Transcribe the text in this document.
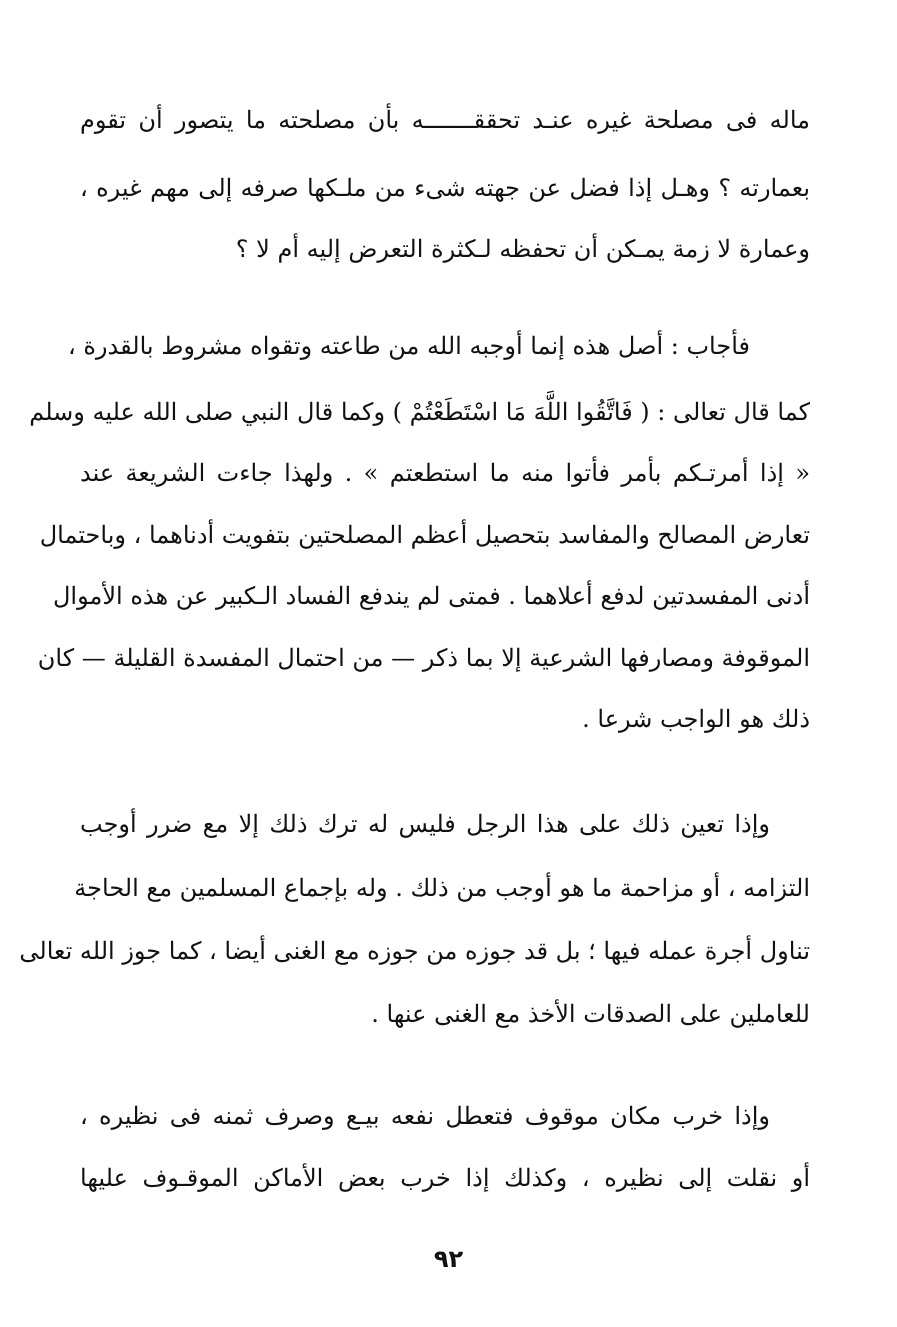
ماله فى مصلحة غيره عنـد تحققـــــــه بأن مصلحته ما يتصور أن تقوم
بعمارته ؟ وهـل إذا فضل عن جهته شىء من ملـكها صرفه إلى مهم غيره ،
وعمارة لا زمة يمـكن أن تحفظه لـكثرة التعرض إليه أم لا ؟
فأجاب : أصل هذه إنما أوجبه الله من طاعته وتقواه مشروط بالقدرة ،
كما قال تعالى : ( فَاتَّقُوا اللَّهَ مَا اسْتَطَعْتُمْ ) وكما قال النبي صلى الله عليه وسلم
« إذا أمرتـكم بأمر فأتوا منه ما استطعتم » . ولهذا جاءت الشريعة عند
تعارض المصالح والمفاسد بتحصيل أعظم المصلحتين بتفويت أدناهما ، وباحتمال
أدنى المفسدتين لدفع أعلاهما . فمتى لم يندفع الفساد الـكبير عن هذه الأموال
الموقوفة ومصارفها الشرعية إلا بما ذكر — من احتمال المفسدة القليلة — كان
ذلك هو الواجب شرعا .
وإذا تعين ذلك على هذا الرجل فليس له ترك ذلك إلا مع ضرر أوجب
التزامه ، أو مزاحمة ما هو أوجب من ذلك . وله بإجماع المسلمين مع الحاجة
تناول أجرة عمله فيها ؛ بل قد جوزه من جوزه مع الغنى أيضا ، كما جوز الله تعالى
للعاملين على الصدقات الأخذ مع الغنى عنها .
وإذا خرب مكان موقوف فتعطل نفعه بيـع وصرف ثمنه فى نظيره ،
أو نقلت إلى نظيره ، وكذلك إذا خرب بعض الأماكن الموقـوف عليها
٩٢
